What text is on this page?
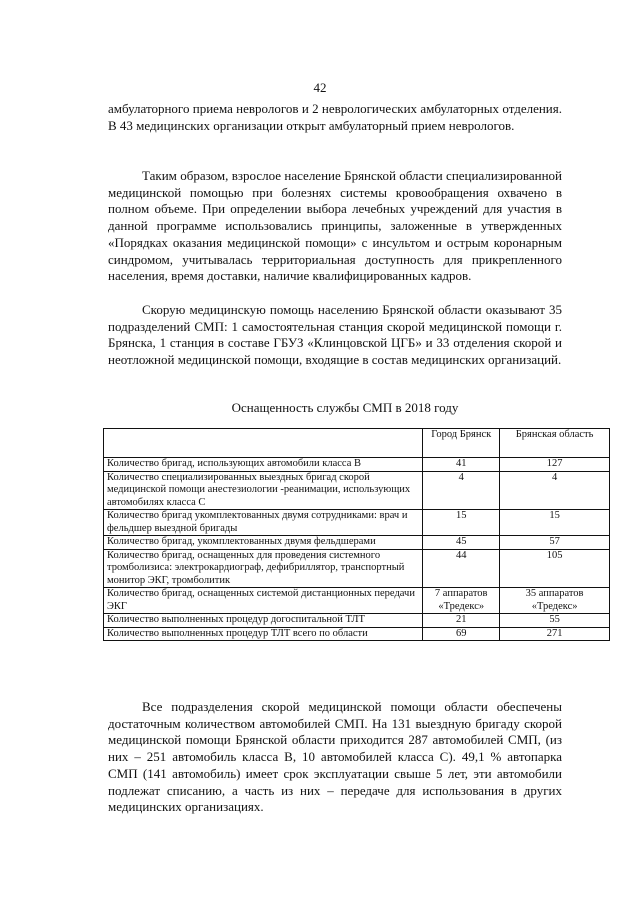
42

амбулаторного приема неврологов и 2 неврологических амбулаторных отделения. В 43 медицинских организации открыт амбулаторный прием неврологов.

Таким образом, взрослое население Брянской области специализированной медицинской помощью при болезнях системы кровообращения охвачено в полном объеме. При определении выбора лечебных учреждений для участия в данной программе использовались принципы, заложенные в утвержденных «Порядках оказания медицинской помощи» с инсультом и острым коронарным синдромом, учитывалась территориальная доступность для прикрепленного населения, время доставки, наличие квалифицированных кадров.

Скорую медицинскую помощь населению Брянской области оказывают 35 подразделений СМП: 1 самостоятельная станция скорой медицинской помощи г. Брянска, 1 станция в составе ГБУЗ «Клинцовской ЦГБ» и 33 отделения скорой и неотложной медицинской помощи, входящие в состав медицинских организаций.

Оснащенность службы СМП в 2018 году
	Город Брянск	Брянская область
Количество бригад, использующих автомобили класса В	41	127
Количество специализированных выездных бригад скорой медицинской помощи анестезиологии -реанимации, использующих автомобилях класса С	4	4
Количество бригад укомплектованных двумя сотрудниками: врач и фельдшер выездной бригады	15	15
Количество бригад, укомплектованных двумя фельдшерами	45	57
Количество бригад, оснащенных для проведения системного тромболизиса: электрокардиограф, дефибриллятор, транспортный монитор ЭКГ, тромболитик	44	105
Количество бригад, оснащенных системой дистанционных передачи ЭКГ	7 аппаратов «Тредекс»	35 аппаратов «Тредекс»
Количество выполненных процедур догоспитальной ТЛТ	21	55
Количество выполненных процедур ТЛТ всего по области	69	271

Все подразделения скорой медицинской помощи области обеспечены достаточным количеством автомобилей СМП. На 131 выездную бригаду скорой медицинской помощи Брянской области приходится 287 автомобилей СМП, (из них – 251 автомобиль класса В, 10 автомобилей класса С). 49,1 % автопарка СМП (141 автомобиль) имеет срок эксплуатации свыше 5 лет, эти автомобили подлежат списанию, а часть из них – передаче для использования в других медицинских организациях.
